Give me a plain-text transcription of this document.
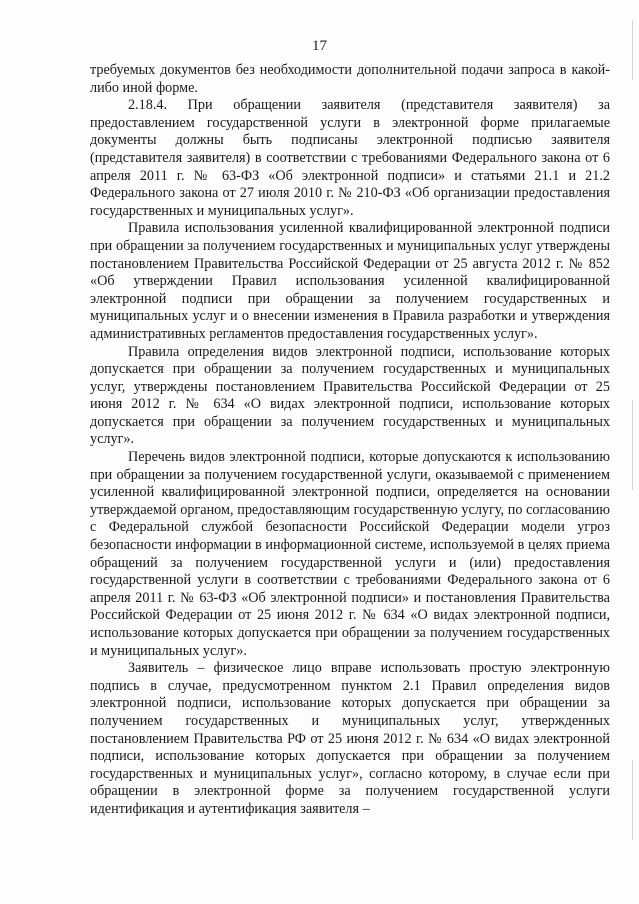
17

требуемых документов без необходимости дополнительной подачи запроса в какой-либо иной форме.

2.18.4. При обращении заявителя (представителя заявителя) за предоставлением государственной услуги в электронной форме прилагаемые документы должны быть подписаны электронной подписью заявителя (представителя заявителя) в соответствии с требованиями Федерального закона от 6 апреля 2011 г. № 63-ФЗ «Об электронной подписи» и статьями 21.1 и 21.2 Федерального закона от 27 июля 2010 г. № 210-ФЗ «Об организации предоставления государственных и муниципальных услуг».

Правила использования усиленной квалифицированной электронной подписи при обращении за получением государственных и муниципальных услуг утверждены постановлением Правительства Российской Федерации от 25 августа 2012 г. № 852 «Об утверждении Правил использования усиленной квалифицированной электронной подписи при обращении за получением государственных и муниципальных услуг и о внесении изменения в Правила разработки и утверждения административных регламентов предоставления государственных услуг».

Правила определения видов электронной подписи, использование которых допускается при обращении за получением государственных и муниципальных услуг, утверждены постановлением Правительства Российской Федерации от 25 июня 2012 г. № 634 «О видах электронной подписи, использование которых допускается при обращении за получением государственных и муниципальных услуг».

Перечень видов электронной подписи, которые допускаются к использованию при обращении за получением государственной услуги, оказываемой с применением усиленной квалифицированной электронной подписи, определяется на основании утверждаемой органом, предоставляющим государственную услугу, по согласованию с Федеральной службой безопасности Российской Федерации модели угроз безопасности информации в информационной системе, используемой в целях приема обращений за получением государственной услуги и (или) предоставления государственной услуги в соответствии с требованиями Федерального закона от 6 апреля 2011 г. № 63-ФЗ «Об электронной подписи» и постановления Правительства Российской Федерации от 25 июня 2012 г. № 634 «О видах электронной подписи, использование которых допускается при обращении за получением государственных и муниципальных услуг».

Заявитель – физическое лицо вправе использовать простую электронную подпись в случае, предусмотренном пунктом 2.1 Правил определения видов электронной подписи, использование которых допускается при обращении за получением государственных и муниципальных услуг, утвержденных постановлением Правительства РФ от 25 июня 2012 г. № 634 «О видах электронной подписи, использование которых допускается при обращении за получением государственных и муниципальных услуг», согласно которому, в случае если при обращении в электронной форме за получением государственной услуги идентификация и аутентификация заявителя –
